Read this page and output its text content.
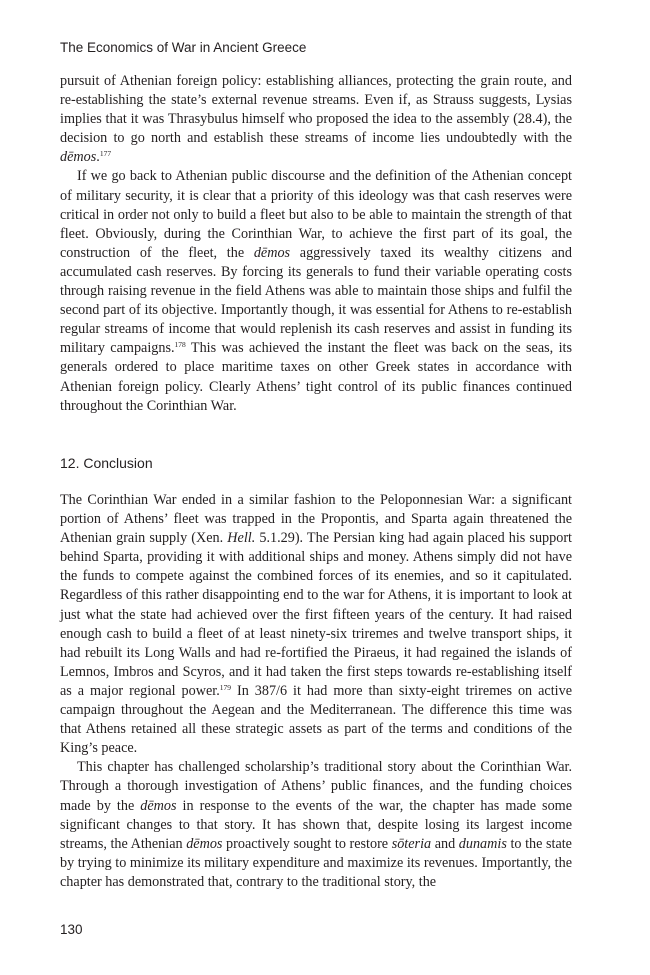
The Economics of War in Ancient Greece

pursuit of Athenian foreign policy: establishing alliances, protecting the grain route, and re-establishing the state’s external revenue streams. Even if, as Strauss suggests, Lysias implies that it was Thrasybulus himself who proposed the idea to the assembly (28.4), the decision to go north and establish these streams of income lies undoubtedly with the dēmos.$^{177}$

If we go back to Athenian public discourse and the definition of the Athenian concept of military security, it is clear that a priority of this ideology was that cash reserves were critical in order not only to build a fleet but also to be able to maintain the strength of that fleet. Obviously, during the Corinthian War, to achieve the first part of its goal, the construction of the fleet, the dēmos aggressively taxed its wealthy citizens and accumulated cash reserves. By forcing its generals to fund their variable operating costs through raising revenue in the field Athens was able to maintain those ships and fulfil the second part of its objective. Importantly though, it was essential for Athens to re-establish regular streams of income that would replenish its cash reserves and assist in funding its military campaigns.$^{178}$ This was achieved the instant the fleet was back on the seas, its generals ordered to place maritime taxes on other Greek states in accordance with Athenian foreign policy. Clearly Athens’ tight control of its public finances continued throughout the Corinthian War.

12. Conclusion

The Corinthian War ended in a similar fashion to the Peloponnesian War: a significant portion of Athens’ fleet was trapped in the Propontis, and Sparta again threatened the Athenian grain supply (Xen. Hell. 5.1.29). The Persian king had again placed his support behind Sparta, providing it with additional ships and money. Athens simply did not have the funds to compete against the combined forces of its enemies, and so it capitulated. Regardless of this rather disappointing end to the war for Athens, it is important to look at just what the state had achieved over the first fifteen years of the century. It had raised enough cash to build a fleet of at least ninety-six triremes and twelve transport ships, it had rebuilt its Long Walls and had re-fortified the Piraeus, it had regained the islands of Lemnos, Imbros and Scyros, and it had taken the first steps towards re-establishing itself as a major regional power.$^{179}$ In 387/6 it had more than sixty-eight triremes on active campaign throughout the Aegean and the Mediterranean. The difference this time was that Athens retained all these strategic assets as part of the terms and conditions of the King’s peace.

This chapter has challenged scholarship’s traditional story about the Corinthian War. Through a thorough investigation of Athens’ public finances, and the funding choices made by the dēmos in response to the events of the war, the chapter has made some significant changes to that story. It has shown that, despite losing its largest income streams, the Athenian dēmos proactively sought to restore sōteria and dunamis to the state by trying to minimize its military expenditure and maximize its revenues. Importantly, the chapter has demonstrated that, contrary to the traditional story, the

130
